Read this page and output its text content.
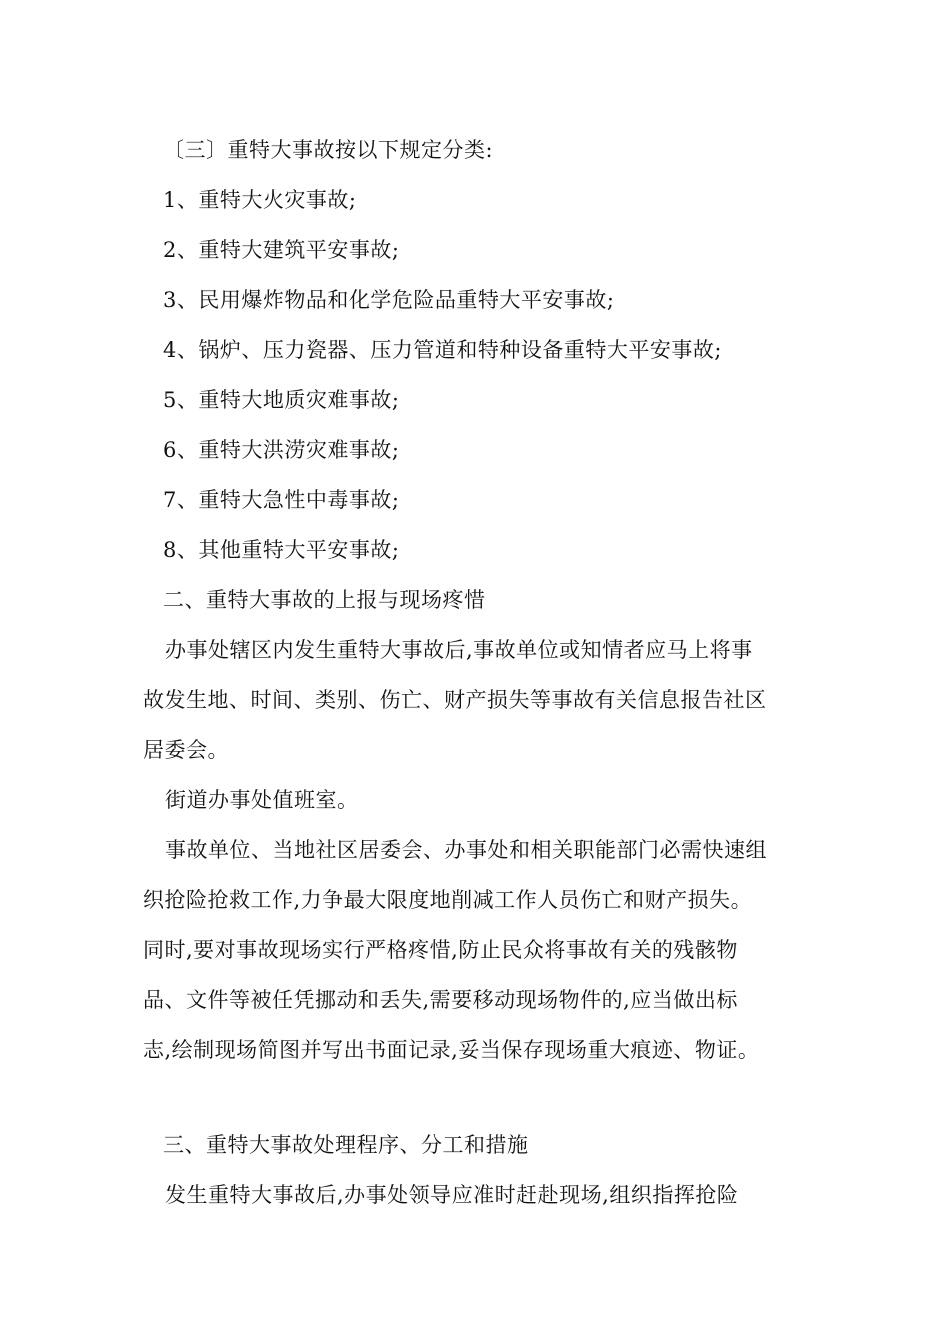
〔三〕重特大事故按以下规定分类:
1、重特大火灾事故;
2、重特大建筑平安事故;
3、民用爆炸物品和化学危险品重特大平安事故;
4、锅炉、压力瓷器、压力管道和特种设备重特大平安事故;
5、重特大地质灾难事故;
6、重特大洪涝灾难事故;
7、重特大急性中毒事故;
8、其他重特大平安事故;
二、重特大事故的上报与现场疼惜
办事处辖区内发生重特大事故后,事故单位或知情者应马上将事
故发生地、时间、类别、伤亡、财产损失等事故有关信息报告社区
居委会。
街道办事处值班室。
事故单位、当地社区居委会、办事处和相关职能部门必需快速组
织抢险抢救工作,力争最大限度地削减工作人员伤亡和财产损失。
同时,要对事故现场实行严格疼惜,防止民众将事故有关的残骸物
品、文件等被任凭挪动和丢失,需要移动现场物件的,应当做出标
志,绘制现场简图并写出书面记录,妥当保存现场重大痕迹、物证。
三、重特大事故处理程序、分工和措施
发生重特大事故后,办事处领导应准时赶赴现场,组织指挥抢险
